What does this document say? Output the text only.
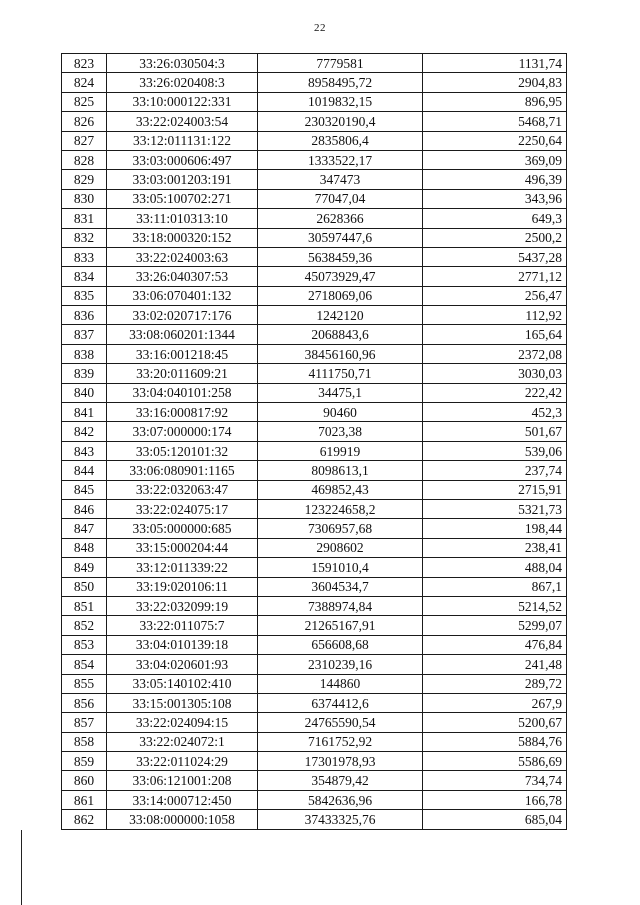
22
823	33:26:030504:3	7779581	1131,74
824	33:26:020408:3	8958495,72	2904,83
825	33:10:000122:331	1019832,15	896,95
826	33:22:024003:54	230320190,4	5468,71
827	33:12:011131:122	2835806,4	2250,64
828	33:03:000606:497	1333522,17	369,09
829	33:03:001203:191	347473	496,39
830	33:05:100702:271	77047,04	343,96
831	33:11:010313:10	2628366	649,3
832	33:18:000320:152	30597447,6	2500,2
833	33:22:024003:63	5638459,36	5437,28
834	33:26:040307:53	45073929,47	2771,12
835	33:06:070401:132	2718069,06	256,47
836	33:02:020717:176	1242120	112,92
837	33:08:060201:1344	2068843,6	165,64
838	33:16:001218:45	38456160,96	2372,08
839	33:20:011609:21	4111750,71	3030,03
840	33:04:040101:258	34475,1	222,42
841	33:16:000817:92	90460	452,3
842	33:07:000000:174	7023,38	501,67
843	33:05:120101:32	619919	539,06
844	33:06:080901:1165	8098613,1	237,74
845	33:22:032063:47	469852,43	2715,91
846	33:22:024075:17	123224658,2	5321,73
847	33:05:000000:685	7306957,68	198,44
848	33:15:000204:44	2908602	238,41
849	33:12:011339:22	1591010,4	488,04
850	33:19:020106:11	3604534,7	867,1
851	33:22:032099:19	7388974,84	5214,52
852	33:22:011075:7	21265167,91	5299,07
853	33:04:010139:18	656608,68	476,84
854	33:04:020601:93	2310239,16	241,48
855	33:05:140102:410	144860	289,72
856	33:15:001305:108	6374412,6	267,9
857	33:22:024094:15	24765590,54	5200,67
858	33:22:024072:1	7161752,92	5884,76
859	33:22:011024:29	17301978,93	5586,69
860	33:06:121001:208	354879,42	734,74
861	33:14:000712:450	5842636,96	166,78
862	33:08:000000:1058	37433325,76	685,04
